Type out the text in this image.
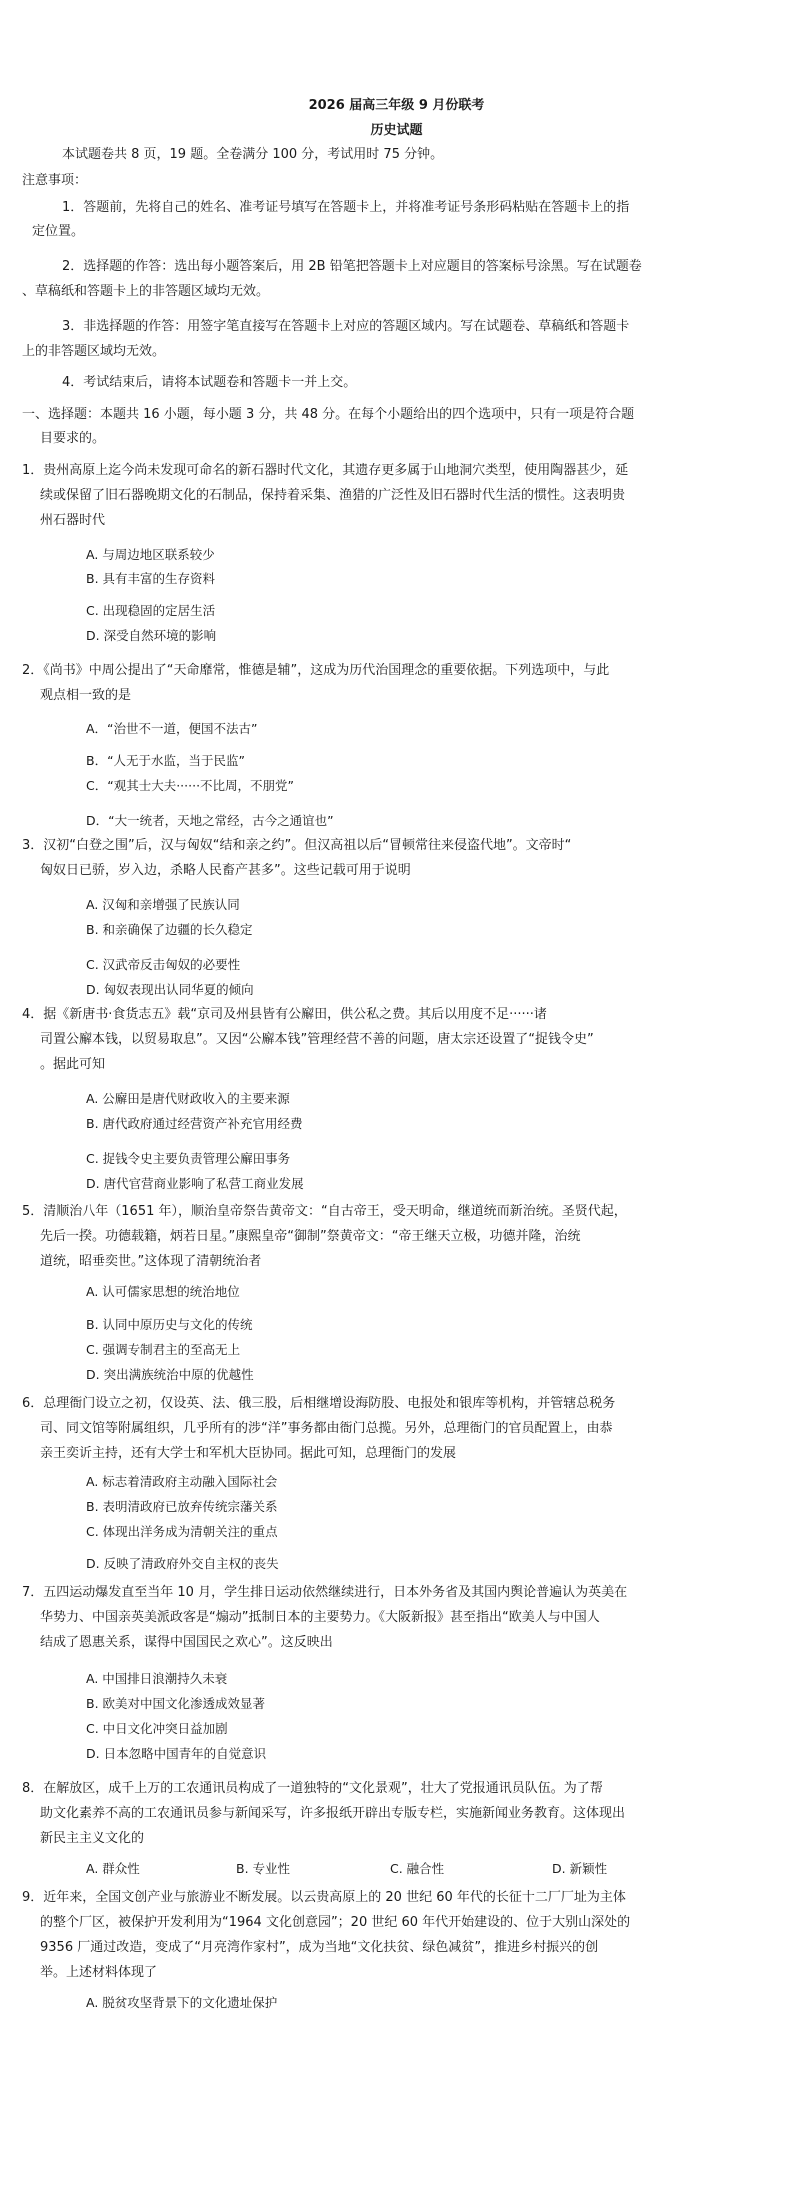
2026 届高三年级 9 月份联考

历史试题

本试题卷共 8 页，19 题。全卷满分 100 分，考试用时 75 分钟。

注意事项：

1．答题前，先将自己的姓名、准考证号填写在答题卡上，并将准考证号条形码粘贴在答题卡上的指

定位置。

2．选择题的作答：选出每小题答案后，用 2B 铅笔把答题卡上对应题目的答案标号涂黑。写在试题卷

、草稿纸和答题卡上的非答题区域均无效。

3．非选择题的作答：用签字笔直接写在答题卡上对应的答题区域内。写在试题卷、草稿纸和答题卡

上的非答题区域均无效。

4．考试结束后，请将本试题卷和答题卡一并上交。

一、选择题：本题共 16 小题，每小题 3 分，共 48 分。在每个小题给出的四个选项中，只有一项是符合题

目要求的。

1．贵州高原上迄今尚未发现可命名的新石器时代文化，其遗存更多属于山地洞穴类型，使用陶器甚少，延

续或保留了旧石器晚期文化的石制品，保持着采集、渔猎的广泛性及旧石器时代生活的惯性。这表明贵

州石器时代

A. 与周边地区联系较少

B. 具有丰富的生存资料

C. 出现稳固的定居生活

D. 深受自然环境的影响

2．《尚书》中周公提出了“天命靡常，惟德是辅”，这成为历代治国理念的重要依据。下列选项中，与此

观点相一致的是

A．“治世不一道，便国不法古”

B．“人无于水监，当于民监”

C．“观其士大夫······不比周，不朋党”

D．“大一统者，天地之常经，古今之通谊也”

3．汉初“白登之围”后，汉与匈奴“结和亲之约”。但汉高祖以后“冒顿常往来侵盗代地”。文帝时“

匈奴日已骄，岁入边，杀略人民畜产甚多”。这些记载可用于说明

A. 汉匈和亲增强了民族认同

B. 和亲确保了边疆的长久稳定

C. 汉武帝反击匈奴的必要性

D. 匈奴表现出认同华夏的倾向

4．据《新唐书·食货志五》载“京司及州县皆有公廨田，供公私之费。其后以用度不足······诸

司置公廨本钱，以贸易取息”。又因“公廨本钱”管理经营不善的问题，唐太宗还设置了“捉钱令史”

。据此可知

A. 公廨田是唐代财政收入的主要来源

B. 唐代政府通过经营资产补充官用经费

C. 捉钱令史主要负责管理公廨田事务

D. 唐代官营商业影响了私营工商业发展

5．清顺治八年（1651 年），顺治皇帝祭告黄帝文：“自古帝王，受天明命，继道统而新治统。圣贤代起，

先后一揆。功德载籍，炳若日星。”康熙皇帝“御制”祭黄帝文：“帝王继天立极，功德并隆，治统

道统，昭垂奕世。”这体现了清朝统治者

A. 认可儒家思想的统治地位

B. 认同中原历史与文化的传统

C. 强调专制君主的至高无上

D. 突出满族统治中原的优越性

6．总理衙门设立之初，仅设英、法、俄三股，后相继增设海防股、电报处和银库等机构，并管辖总税务

司、同文馆等附属组织，几乎所有的涉“洋”事务都由衙门总揽。另外，总理衙门的官员配置上，由恭

亲王奕䜣主持，还有大学士和军机大臣协同。据此可知，总理衙门的发展

A. 标志着清政府主动融入国际社会

B. 表明清政府已放弃传统宗藩关系

C. 体现出洋务成为清朝关注的重点

D. 反映了清政府外交自主权的丧失

7．五四运动爆发直至当年 10 月，学生排日运动依然继续进行，日本外务省及其国内舆论普遍认为英美在

华势力、中国亲英美派政客是“煽动”抵制日本的主要势力。《大阪新报》甚至指出“欧美人与中国人

结成了恩惠关系，谋得中国国民之欢心”。这反映出

A. 中国排日浪潮持久未衰

B. 欧美对中国文化渗透成效显著

C. 中日文化冲突日益加剧

D. 日本忽略中国青年的自觉意识

8．在解放区，成千上万的工农通讯员构成了一道独特的“文化景观”，壮大了党报通讯员队伍。为了帮

助文化素养不高的工农通讯员参与新闻采写，许多报纸开辟出专版专栏，实施新闻业务教育。这体现出

新民主主义文化的

A. 群众性	B. 专业性	C. 融合性	D. 新颖性

9．近年来，全国文创产业与旅游业不断发展。以云贵高原上的 20 世纪 60 年代的长征十二厂厂址为主体

的整个厂区，被保护开发利用为“1964 文化创意园”；20 世纪 60 年代开始建设的、位于大别山深处的

9356 厂通过改造，变成了“月亮湾作家村”，成为当地“文化扶贫、绿色减贫”，推进乡村振兴的创

举。上述材料体现了

A. 脱贫攻坚背景下的文化遗址保护
